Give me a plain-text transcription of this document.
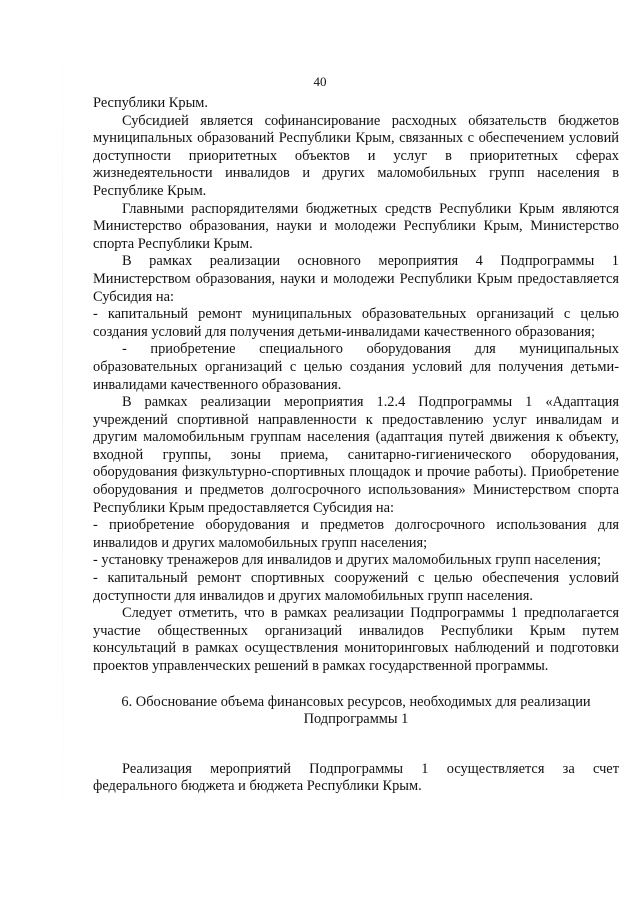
40

Республики Крым.

Субсидией является софинансирование расходных обязательств бюджетов муниципальных образований Республики Крым, связанных с обеспечением условий доступности приоритетных объектов и услуг в приоритетных сферах жизнедеятельности инвалидов и других маломобильных групп населения в Республике Крым.

Главными распорядителями бюджетных средств Республики Крым являются Министерство образования, науки и молодежи Республики Крым, Министерство спорта Республики Крым.

В рамках реализации основного мероприятия 4 Подпрограммы 1 Министерством образования, науки и молодежи Республики Крым предоставляется Субсидия на:

- капитальный ремонт муниципальных образовательных организаций с целью создания условий для получения детьми-инвалидами качественного образования;

- приобретение специального оборудования для муниципальных образовательных организаций с целью создания условий для получения детьми-инвалидами качественного образования.

В рамках реализации мероприятия 1.2.4 Подпрограммы 1 «Адаптация учреждений спортивной направленности к предоставлению услуг инвалидам и другим маломобильным группам населения (адаптация путей движения к объекту, входной группы, зоны приема, санитарно-гигиенического оборудования, оборудования физкультурно-спортивных площадок и прочие работы). Приобретение оборудования и предметов долгосрочного использования» Министерством спорта Республики Крым предоставляется Субсидия на:

- приобретение оборудования и предметов долгосрочного использования для инвалидов и других маломобильных групп населения;

- установку тренажеров для инвалидов и других маломобильных групп населения;

- капитальный ремонт спортивных сооружений с целью обеспечения условий доступности для инвалидов и других маломобильных групп населения.

Следует отметить, что в рамках реализации Подпрограммы 1 предполагается участие общественных организаций инвалидов Республики Крым путем консультаций в рамках осуществления мониторинговых наблюдений и подготовки проектов управленческих решений в рамках государственной программы.

6. Обоснование объема финансовых ресурсов, необходимых для реализации
Подпрограммы 1

Реализация мероприятий Подпрограммы 1 осуществляется за счет федерального бюджета и бюджета Республики Крым.
